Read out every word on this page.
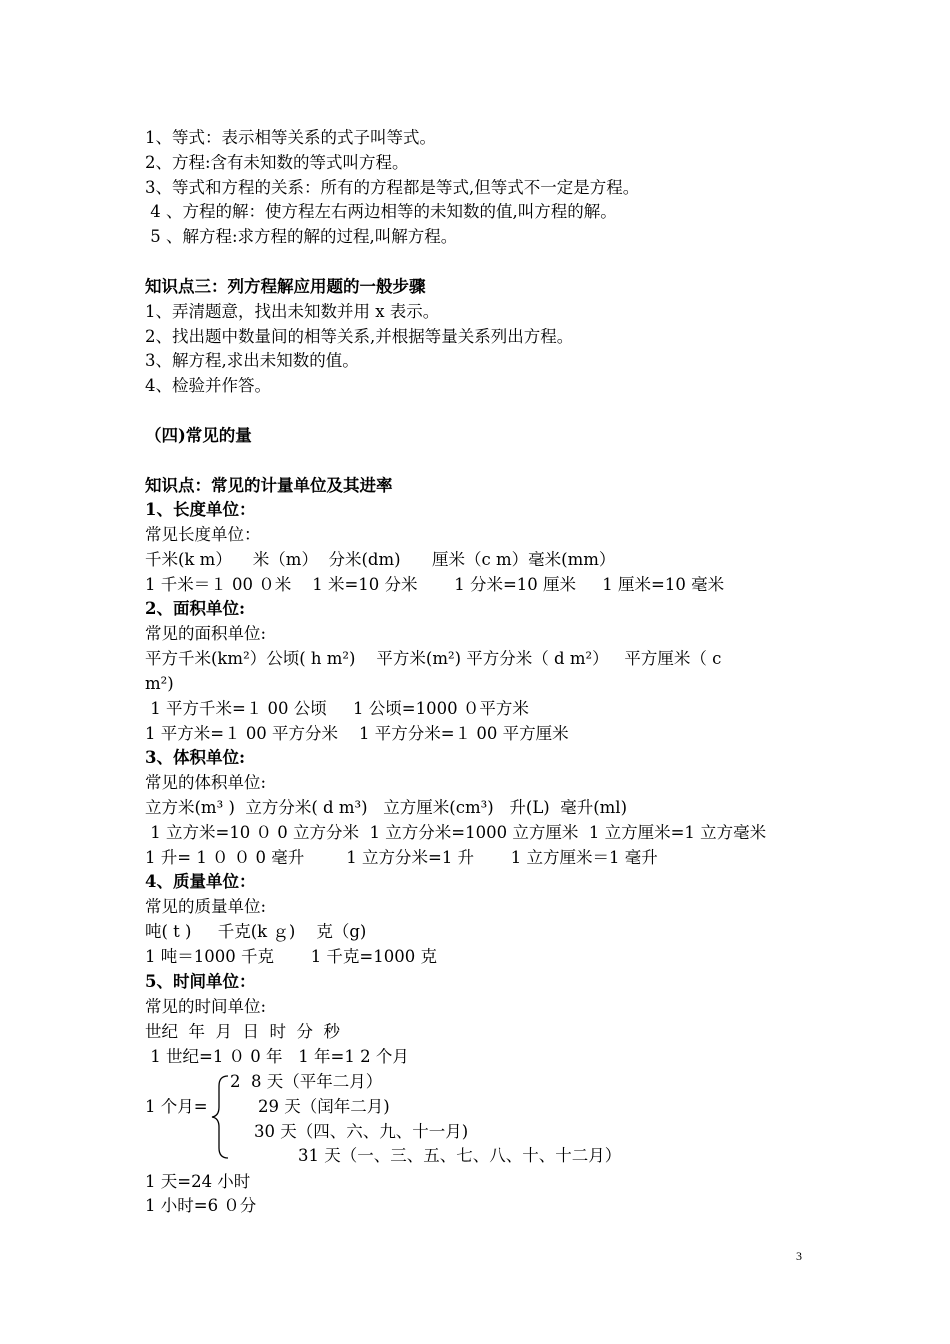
1、等式：表示相等关系的式子叫等式。

2、方程:含有未知数的等式叫方程。

3、等式和方程的关系：所有的方程都是等式,但等式不一定是方程。

4 、方程的解：使方程左右两边相等的未知数的值,叫方程的解。

5 、解方程:求方程的解的过程,叫解方程。

知识点三：列方程解应用题的一般步骤

1、弄清题意，找出未知数并用 x 表示。

2、找出题中数量间的相等关系,并根据等量关系列出方程。

3、解方程,求出未知数的值。

4、检验并作答。

（四)常见的量

知识点：常见的计量单位及其进率

1、长度单位：

常见长度单位：

千米(k m）    米（m）  分米(dm)      厘米（c m）毫米(mm）

1 千米＝１ 00 ０米    1 米=10 分米       1 分米=10 厘米     1 厘米=10 毫米

2、面积单位:

常见的面积单位:

平方千米(km²）公顷( h m²)    平方米(m²) 平方分米（ d m²）   平方厘米（ c

m²)

1 平方千米=１ 00 公顷     1 公顷=1000 ０平方米

1 平方米=１ 00 平方分米    1 平方分米=１ 00 平方厘米

3、体积单位:

常见的体积单位:

立方米(m³ )  立方分米( d m³)   立方厘米(cm³)   升(L)  毫升(ml)

1 立方米=10 ０ 0 立方分米  1 立方分米=1000 立方厘米  1 立方厘米=1 立方毫米

1 升= 1 ０ ０ 0 毫升        1 立方分米=1 升       1 立方厘米＝1 毫升

4、质量单位：

常见的质量单位:

吨( t )     千克(k ｇ)    克（g)

1 吨＝1000 千克       1 千克=1000 克

5、时间单位：

常见的时间单位:

世纪  年  月  日  时  分  秒

1 世纪=1 ０ 0 年   1 年=1 2 个月

1 个月=

2  8 天（平年二月）

29 天（闰年二月)

30 天（四、六、九、十一月)

31 天（一、三、五、七、八、十、十二月）

1 天=24 小时

1 小时=6 ０分

3
